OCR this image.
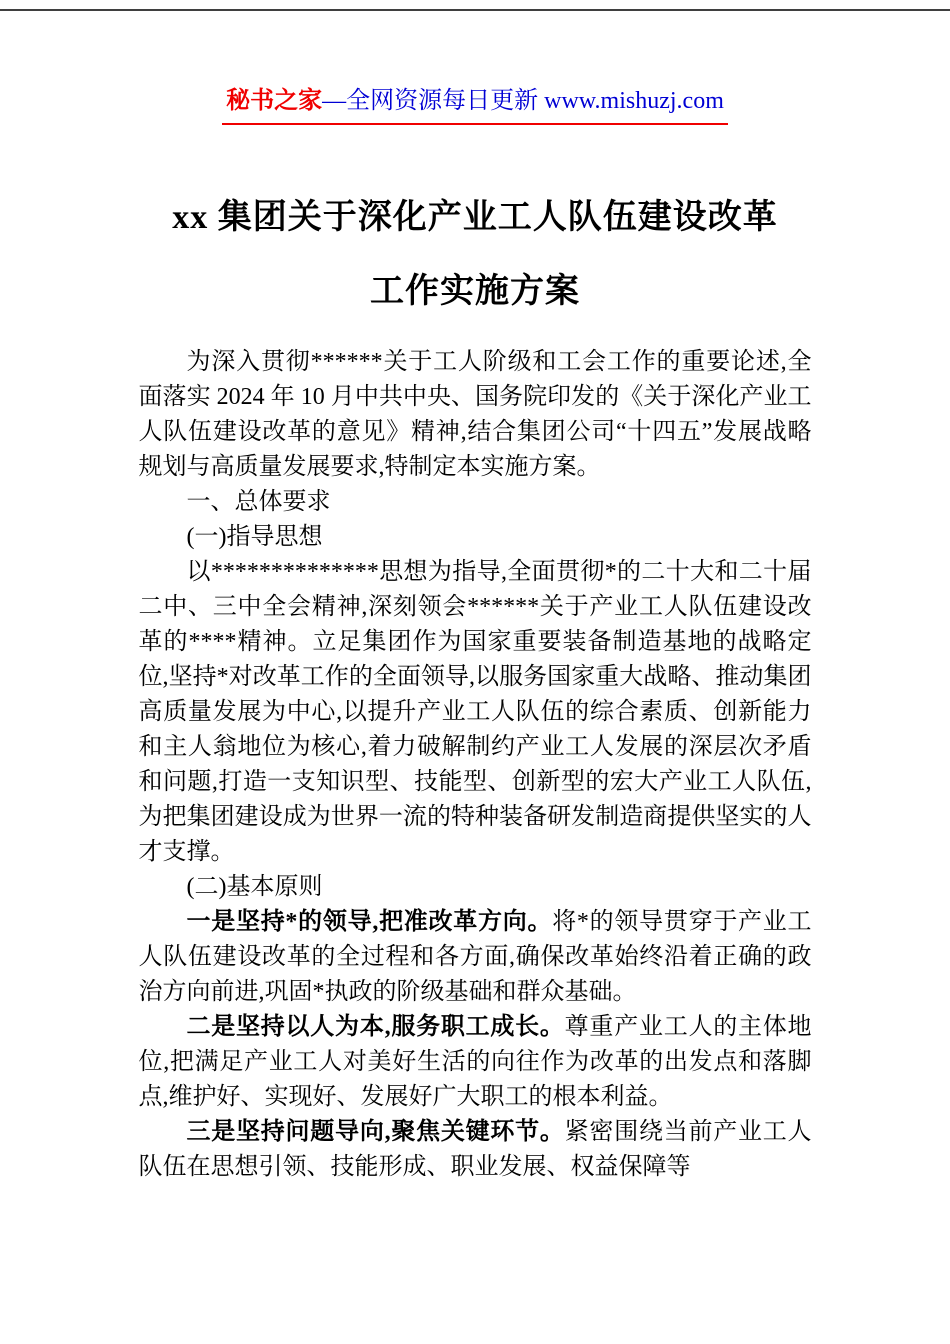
秘书之家—全网资源每日更新 www.mishuzj.com
xx 集团关于深化产业工人队伍建设改革
工作实施方案

为深入贯彻******关于工人阶级和工会工作的重要论述,全面落实 2024 年 10 月中共中央、国务院印发的《关于深化产业工人队伍建设改革的意见》精神,结合集团公司“十四五”发展战略规划与高质量发展要求,特制定本实施方案。

一、总体要求

(一)指导思想

以**************思想为指导,全面贯彻*的二十大和二十届二中、三中全会精神,深刻领会******关于产业工人队伍建设改革的****精神。立足集团作为国家重要装备制造基地的战略定位,坚持*对改革工作的全面领导,以服务国家重大战略、推动集团高质量发展为中心,以提升产业工人队伍的综合素质、创新能力和主人翁地位为核心,着力破解制约产业工人发展的深层次矛盾和问题,打造一支知识型、技能型、创新型的宏大产业工人队伍,为把集团建设成为世界一流的特种装备研发制造商提供坚实的人才支撑。

(二)基本原则

一是坚持*的领导,把准改革方向。将*的领导贯穿于产业工人队伍建设改革的全过程和各方面,确保改革始终沿着正确的政治方向前进,巩固*执政的阶级基础和群众基础。

二是坚持以人为本,服务职工成长。尊重产业工人的主体地位,把满足产业工人对美好生活的向往作为改革的出发点和落脚点,维护好、实现好、发展好广大职工的根本利益。

三是坚持问题导向,聚焦关键环节。紧密围绕当前产业工人队伍在思想引领、技能形成、职业发展、权益保障等
